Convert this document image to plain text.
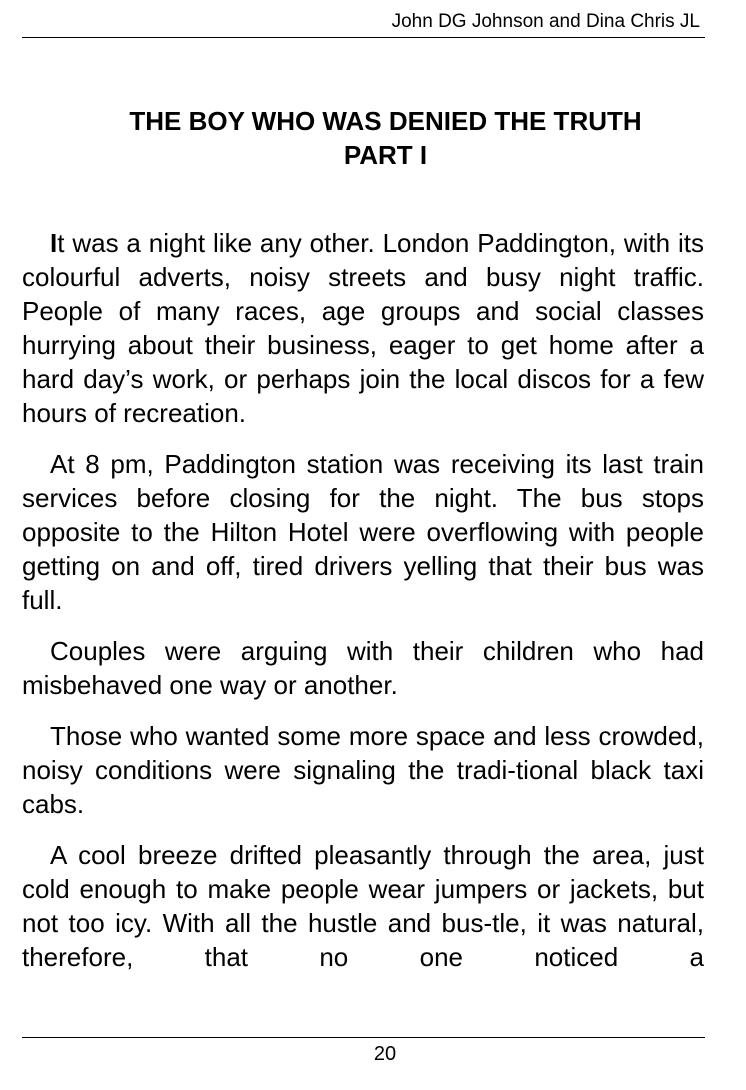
John DG Johnson and Dina Chris JL
THE BOY WHO WAS DENIED THE TRUTH
PART I

It was a night like any other. London Paddington, with its colourful adverts, noisy streets and busy night traffic. People of many races, age groups and social classes hurrying about their business, eager to get home after a hard day’s work, or perhaps join the local discos for a few hours of recreation.

At 8 pm, Paddington station was receiving its last train services before closing for the night. The bus stops opposite to the Hilton Hotel were overflowing with people getting on and off, tired drivers yelling that their bus was full.

Couples were arguing with their children who had misbehaved one way or another.

Those who wanted some more space and less crowded, noisy conditions were signaling the tradi-tional black taxi cabs.

A cool breeze drifted pleasantly through the area, just cold enough to make people wear jumpers or jackets, but not too icy. With all the hustle and bus-tle, it was natural, therefore, that no one noticed a

20
